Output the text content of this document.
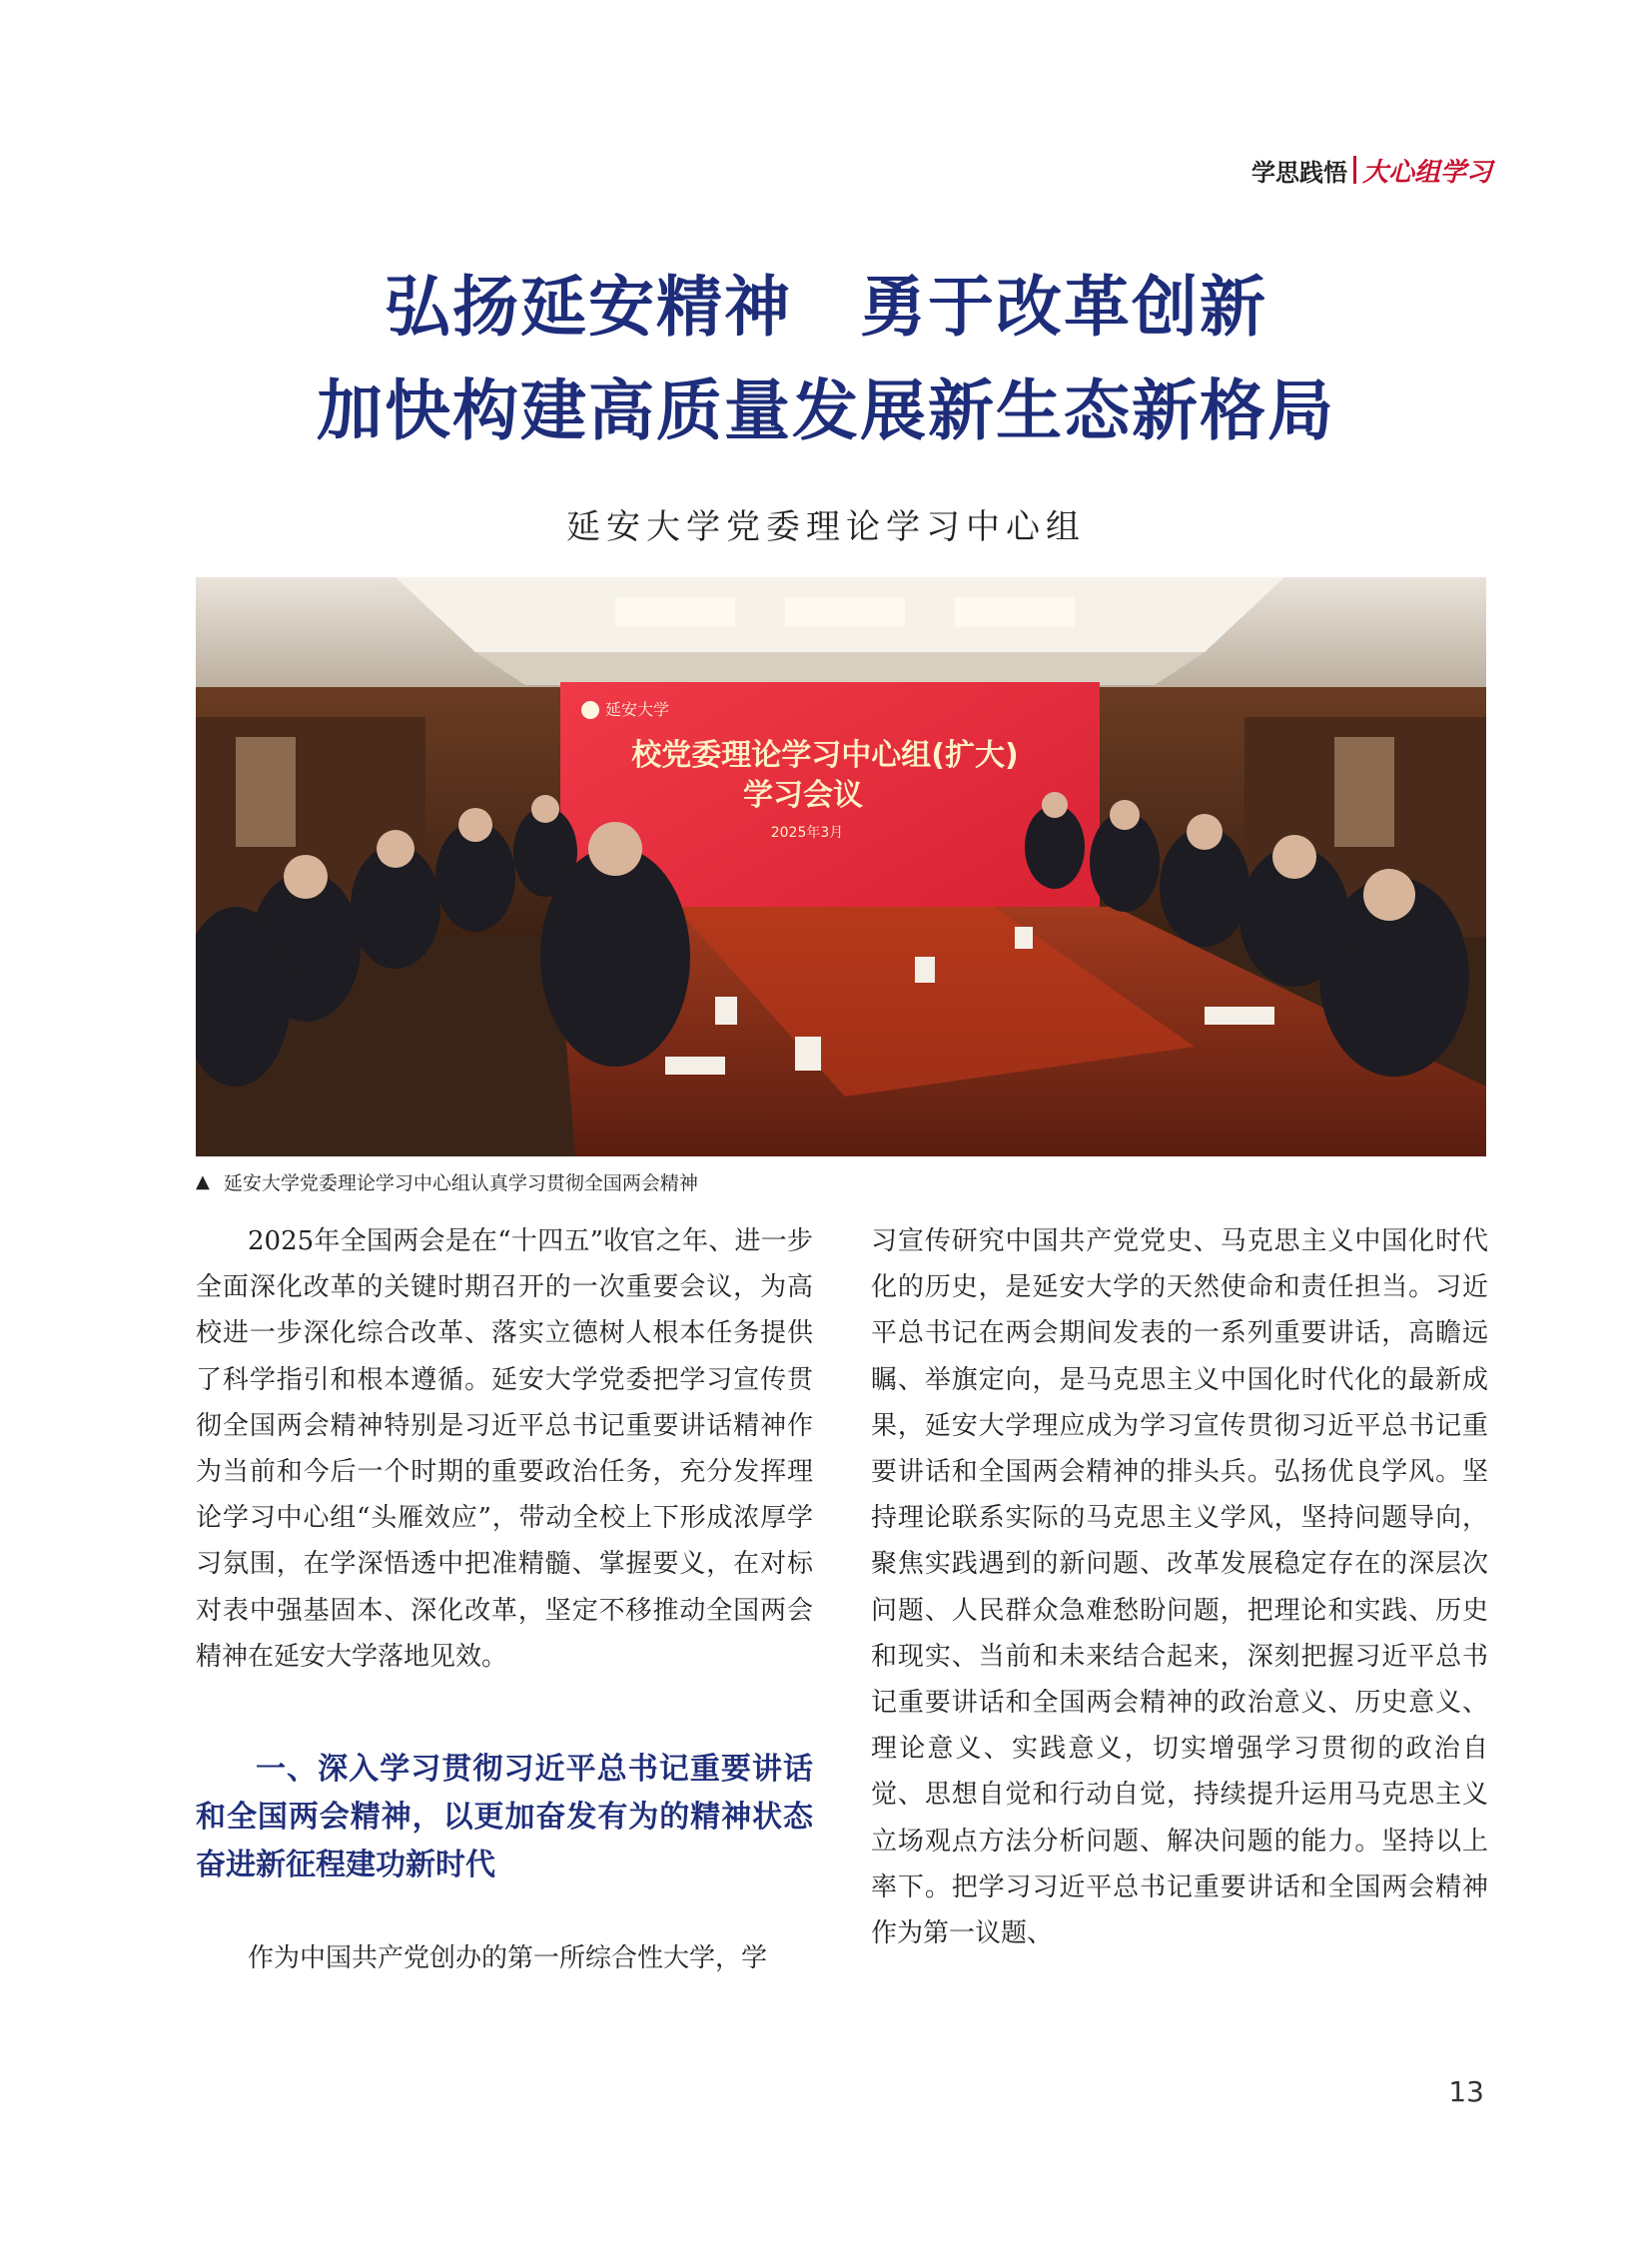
学思践悟 大心组学习
弘扬延安精神　勇于改革创新
加快构建高质量发展新生态新格局
延安大学党委理论学习中心组
延安大学
校党委理论学习中心组(扩大)
学习会议
2025年3月
▲ 延安大学党委理论学习中心组认真学习贯彻全国两会精神

2025年全国两会是在“十四五”收官之年、进一步全面深化改革的关键时期召开的一次重要会议，为高校进一步深化综合改革、落实立德树人根本任务提供了科学指引和根本遵循。延安大学党委把学习宣传贯彻全国两会精神特别是习近平总书记重要讲话精神作为当前和今后一个时期的重要政治任务，充分发挥理论学习中心组“头雁效应”，带动全校上下形成浓厚学习氛围，在学深悟透中把准精髓、掌握要义，在对标对表中强基固本、深化改革，坚定不移推动全国两会精神在延安大学落地见效。

一、深入学习贯彻习近平总书记重要讲话和全国两会精神，以更加奋发有为的精神状态奋进新征程建功新时代

作为中国共产党创办的第一所综合性大学，学

习宣传研究中国共产党党史、马克思主义中国化时代化的历史，是延安大学的天然使命和责任担当。习近平总书记在两会期间发表的一系列重要讲话，高瞻远瞩、举旗定向，是马克思主义中国化时代化的最新成果，延安大学理应成为学习宣传贯彻习近平总书记重要讲话和全国两会精神的排头兵。弘扬优良学风。坚持理论联系实际的马克思主义学风，坚持问题导向，聚焦实践遇到的新问题、改革发展稳定存在的深层次问题、人民群众急难愁盼问题，把理论和实践、历史和现实、当前和未来结合起来，深刻把握习近平总书记重要讲话和全国两会精神的政治意义、历史意义、理论意义、实践意义，切实增强学习贯彻的政治自觉、思想自觉和行动自觉，持续提升运用马克思主义立场观点方法分析问题、解决问题的能力。坚持以上率下。把学习习近平总书记重要讲话和全国两会精神作为第一议题、

13
